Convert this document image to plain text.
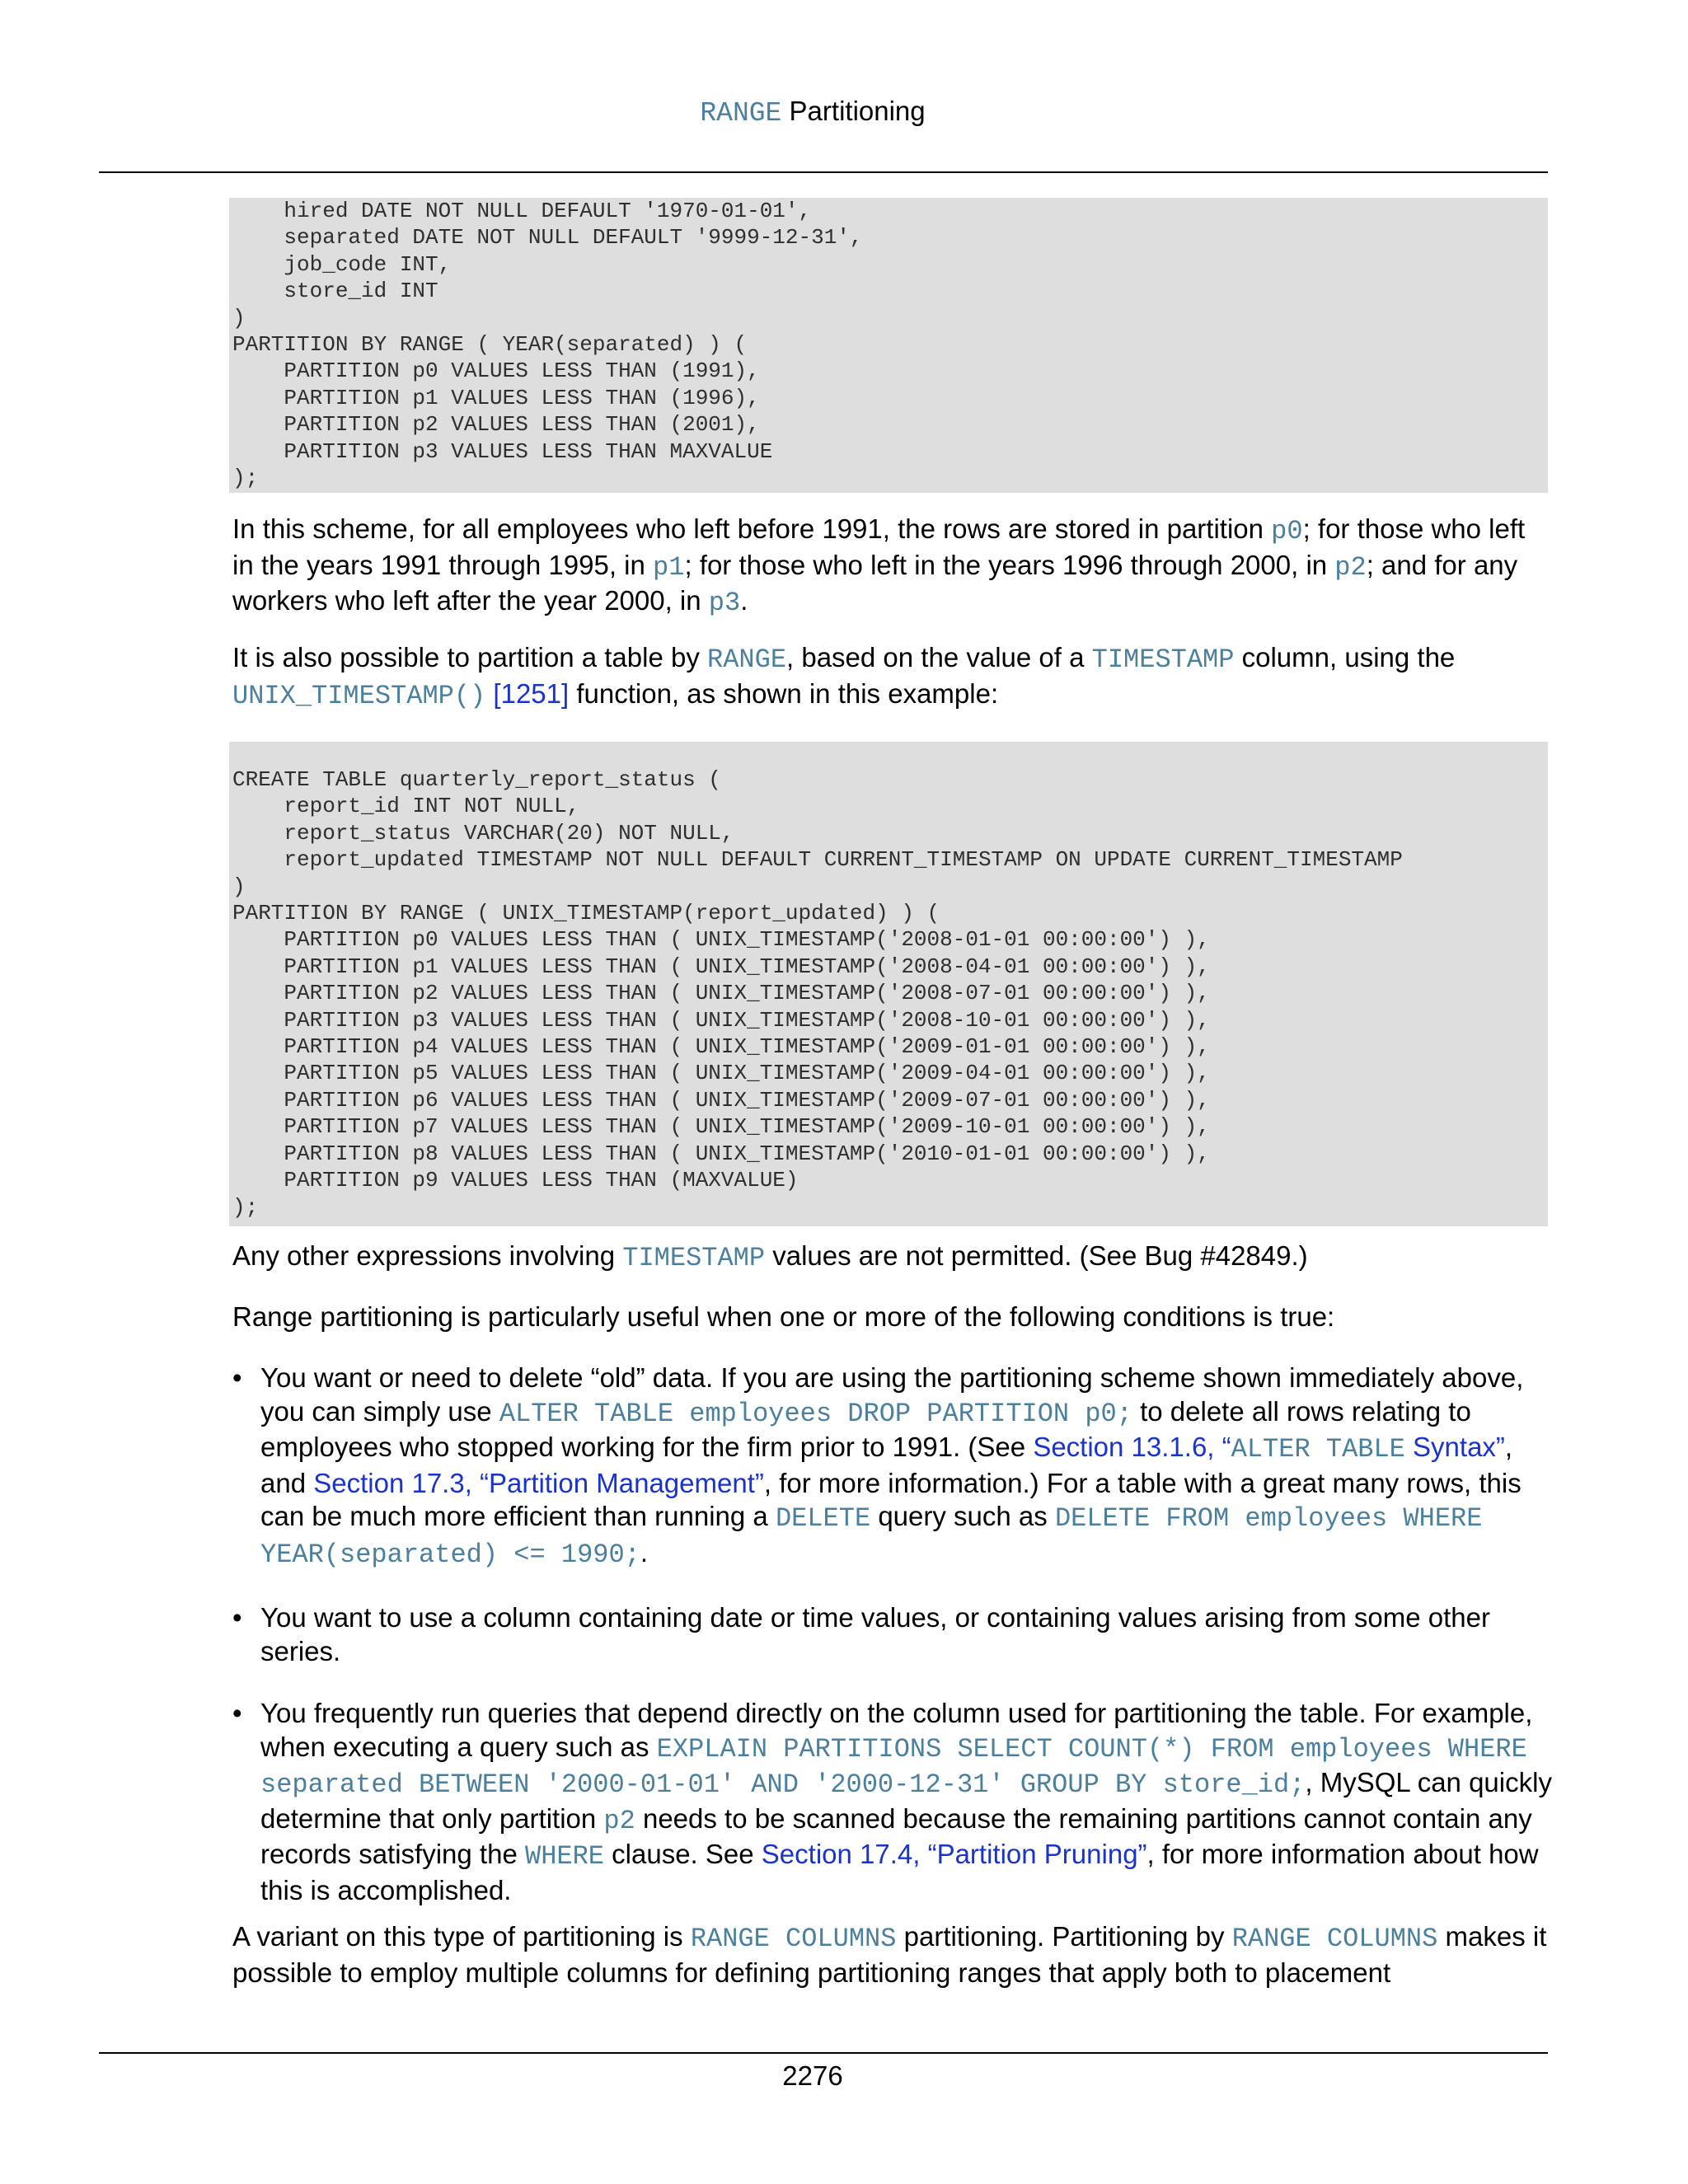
RANGE Partitioning
hired DATE NOT NULL DEFAULT '1970-01-01',
separated DATE NOT NULL DEFAULT '9999-12-31',
job_code INT,
store_id INT
)
PARTITION BY RANGE ( YEAR(separated) ) (
PARTITION p0 VALUES LESS THAN (1991),
PARTITION p1 VALUES LESS THAN (1996),
PARTITION p2 VALUES LESS THAN (2001),
PARTITION p3 VALUES LESS THAN MAXVALUE
);

In this scheme, for all employees who left before 1991, the rows are stored in partition p0; for those who left in the years 1991 through 1995, in p1; for those who left in the years 1996 through 2000, in p2; and for any workers who left after the year 2000, in p3.

It is also possible to partition a table by RANGE, based on the value of a TIMESTAMP column, using the UNIX_TIMESTAMP() [1251] function, as shown in this example:

CREATE TABLE quarterly_report_status (
report_id INT NOT NULL,
report_status VARCHAR(20) NOT NULL,
report_updated TIMESTAMP NOT NULL DEFAULT CURRENT_TIMESTAMP ON UPDATE CURRENT_TIMESTAMP
)
PARTITION BY RANGE ( UNIX_TIMESTAMP(report_updated) ) (
PARTITION p0 VALUES LESS THAN ( UNIX_TIMESTAMP('2008-01-01 00:00:00') ),
PARTITION p1 VALUES LESS THAN ( UNIX_TIMESTAMP('2008-04-01 00:00:00') ),
PARTITION p2 VALUES LESS THAN ( UNIX_TIMESTAMP('2008-07-01 00:00:00') ),
PARTITION p3 VALUES LESS THAN ( UNIX_TIMESTAMP('2008-10-01 00:00:00') ),
PARTITION p4 VALUES LESS THAN ( UNIX_TIMESTAMP('2009-01-01 00:00:00') ),
PARTITION p5 VALUES LESS THAN ( UNIX_TIMESTAMP('2009-04-01 00:00:00') ),
PARTITION p6 VALUES LESS THAN ( UNIX_TIMESTAMP('2009-07-01 00:00:00') ),
PARTITION p7 VALUES LESS THAN ( UNIX_TIMESTAMP('2009-10-01 00:00:00') ),
PARTITION p8 VALUES LESS THAN ( UNIX_TIMESTAMP('2010-01-01 00:00:00') ),
PARTITION p9 VALUES LESS THAN (MAXVALUE)
);

Any other expressions involving TIMESTAMP values are not permitted. (See Bug #42849.)

Range partitioning is particularly useful when one or more of the following conditions is true:

• You want or need to delete “old” data. If you are using the partitioning scheme shown immediately above, you can simply use ALTER TABLE employees DROP PARTITION p0; to delete all rows relating to employees who stopped working for the firm prior to 1991. (See Section 13.1.6, “ALTER TABLE Syntax”, and Section 17.3, “Partition Management”, for more information.) For a table with a great many rows, this can be much more efficient than running a DELETE query such as DELETE FROM employees WHERE YEAR(separated) <= 1990;.
• You want to use a column containing date or time values, or containing values arising from some other series.
• You frequently run queries that depend directly on the column used for partitioning the table. For example, when executing a query such as EXPLAIN PARTITIONS SELECT COUNT(*) FROM employees WHERE separated BETWEEN '2000-01-01' AND '2000-12-31' GROUP BY store_id;, MySQL can quickly determine that only partition p2 needs to be scanned because the remaining partitions cannot contain any records satisfying the WHERE clause. See Section 17.4, “Partition Pruning”, for more information about how this is accomplished.

A variant on this type of partitioning is RANGE COLUMNS partitioning. Partitioning by RANGE COLUMNS makes it possible to employ multiple columns for defining partitioning ranges that apply both to placement

2276
